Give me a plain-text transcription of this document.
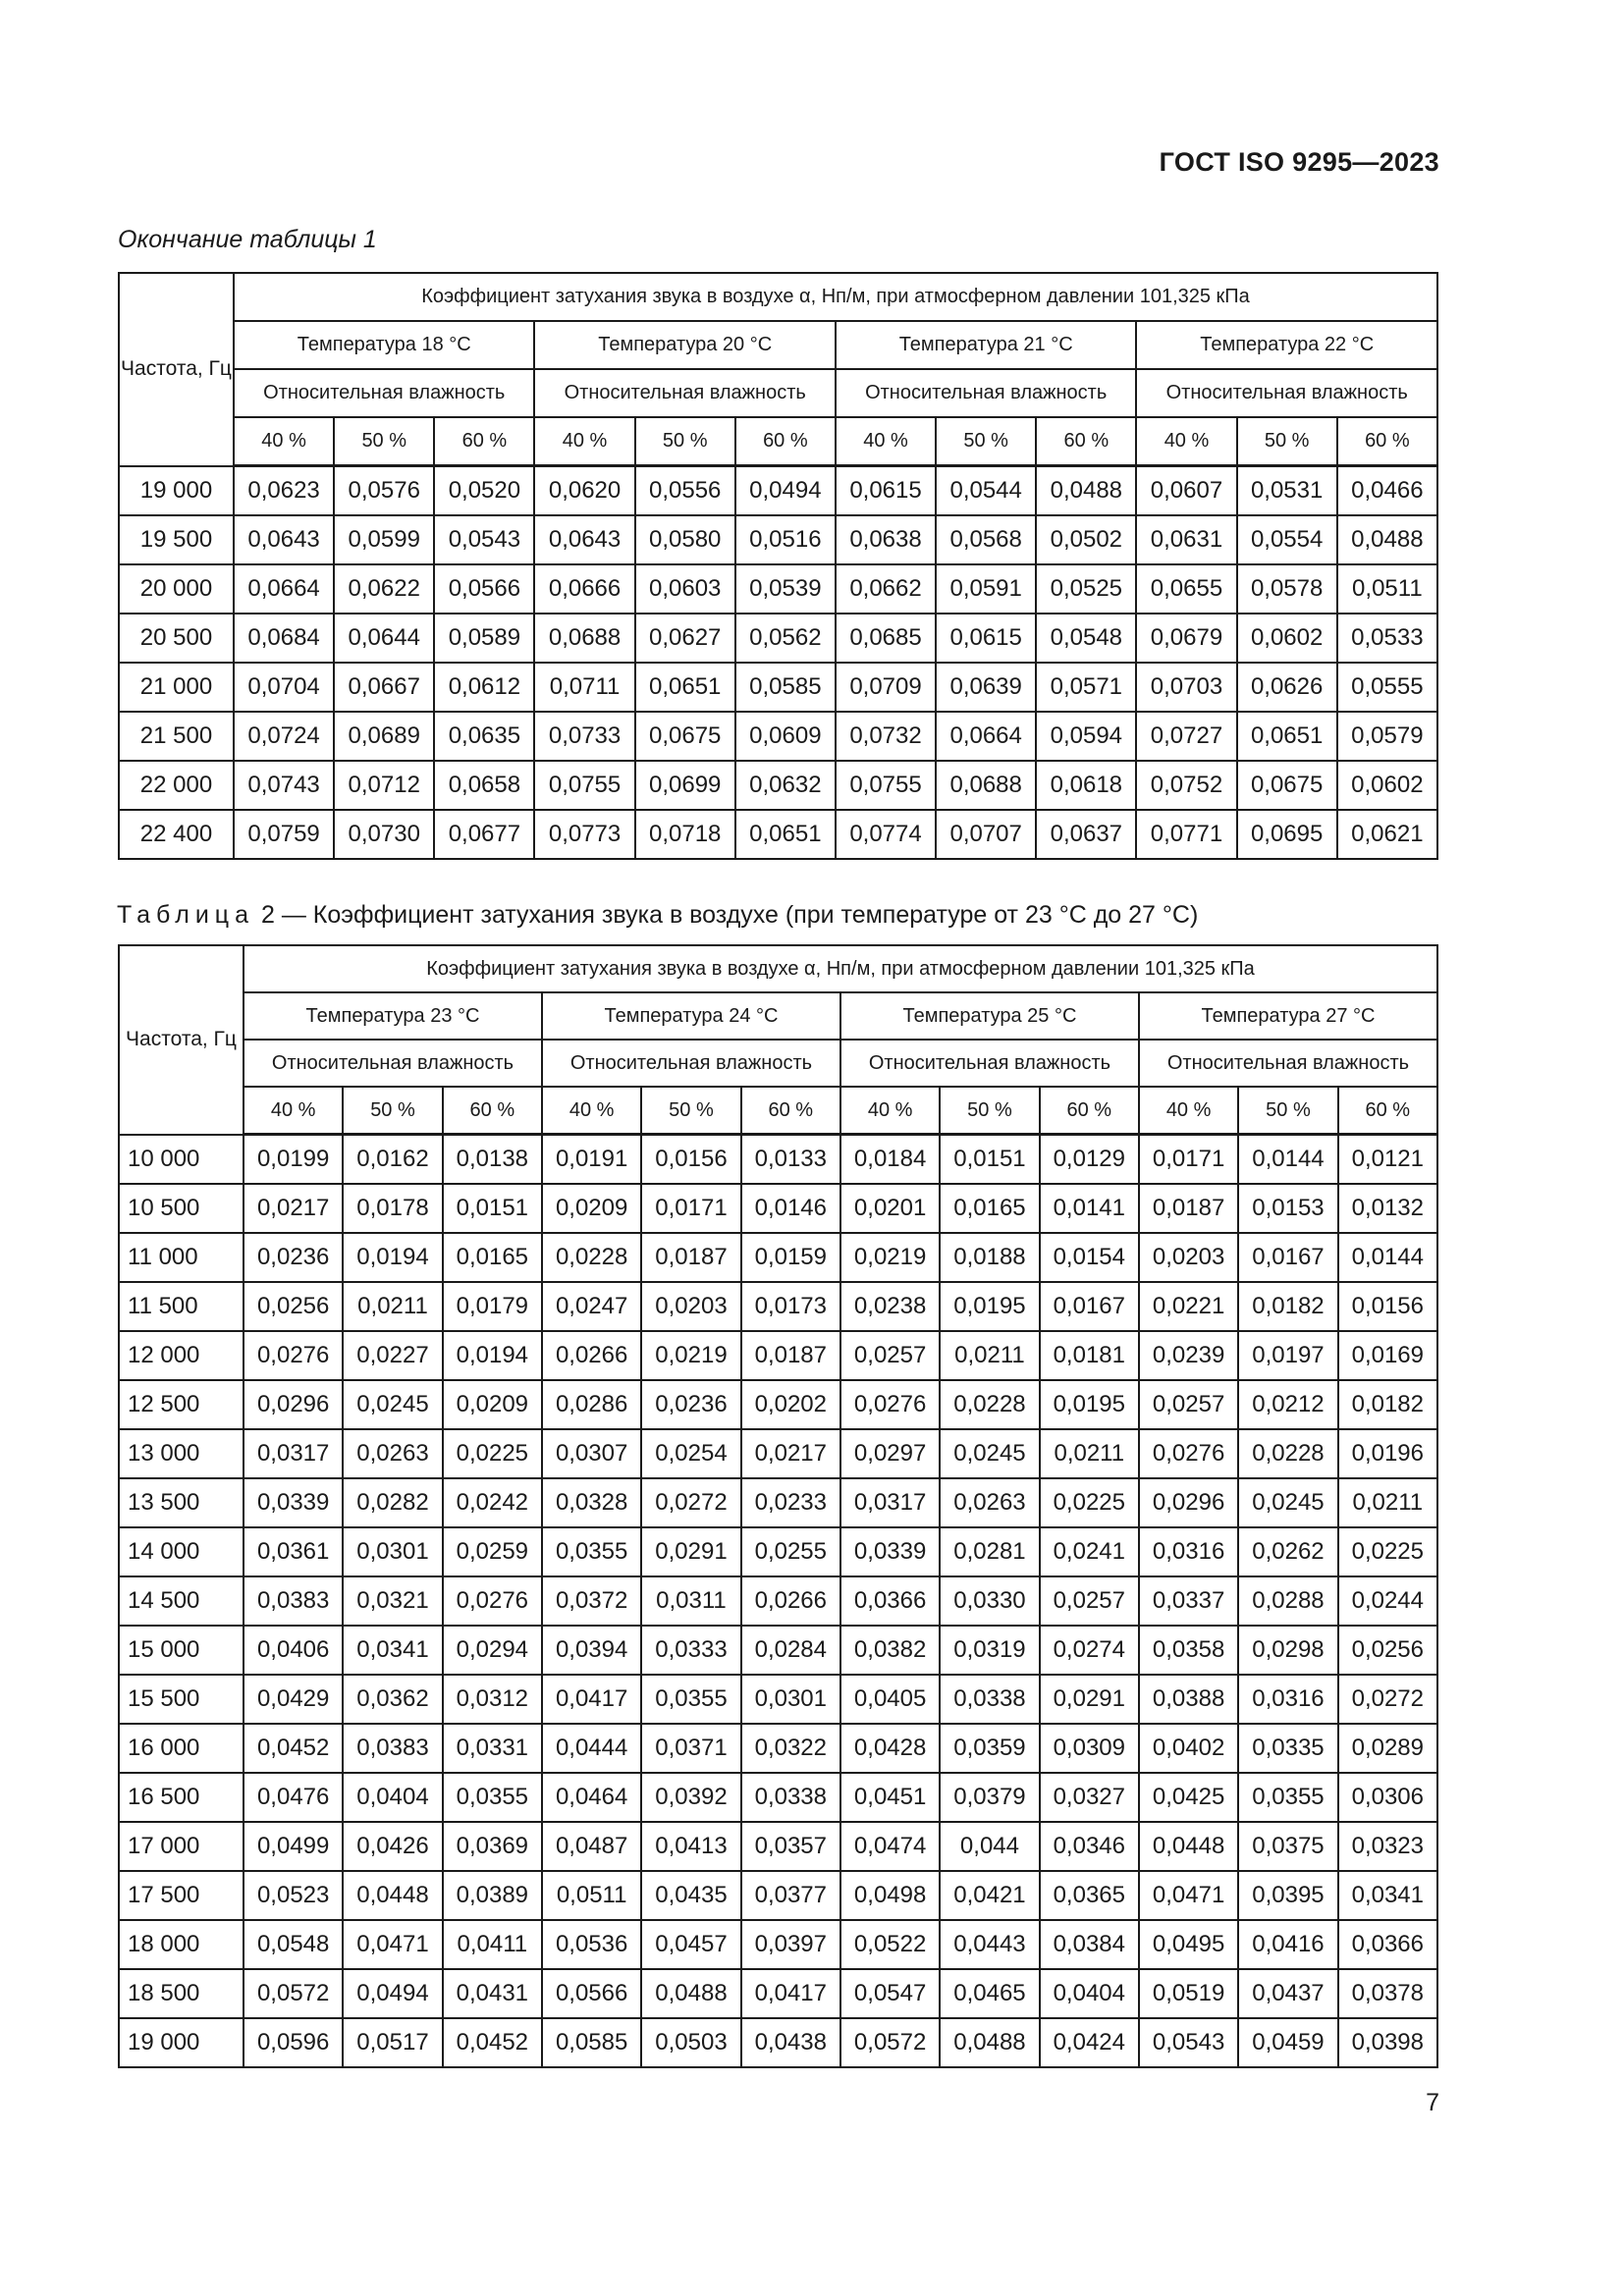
ГОСТ ISO 9295—2023
Окончание таблицы 1
Частота, Гц	Коэффициент затухания звука в воздухе α, Нп/м, при атмосферном давлении 101,325 кПа											
	Температура 18 °С			Температура 20 °С			Температура 21 °С			Температура 22 °С		
	Относительная влажность			Относительная влажность			Относительная влажность			Относительная влажность		
	40 %	50 %	60 %	40 %	50 %	60 %	40 %	50 %	60 %	40 %	50 %	60 %
19 000	0,0623	0,0576	0,0520	0,0620	0,0556	0,0494	0,0615	0,0544	0,0488	0,0607	0,0531	0,0466
19 500	0,0643	0,0599	0,0543	0,0643	0,0580	0,0516	0,0638	0,0568	0,0502	0,0631	0,0554	0,0488
20 000	0,0664	0,0622	0,0566	0,0666	0,0603	0,0539	0,0662	0,0591	0,0525	0,0655	0,0578	0,0511
20 500	0,0684	0,0644	0,0589	0,0688	0,0627	0,0562	0,0685	0,0615	0,0548	0,0679	0,0602	0,0533
21 000	0,0704	0,0667	0,0612	0,0711	0,0651	0,0585	0,0709	0,0639	0,0571	0,0703	0,0626	0,0555
21 500	0,0724	0,0689	0,0635	0,0733	0,0675	0,0609	0,0732	0,0664	0,0594	0,0727	0,0651	0,0579
22 000	0,0743	0,0712	0,0658	0,0755	0,0699	0,0632	0,0755	0,0688	0,0618	0,0752	0,0675	0,0602
22 400	0,0759	0,0730	0,0677	0,0773	0,0718	0,0651	0,0774	0,0707	0,0637	0,0771	0,0695	0,0621
Таблица 2 — Коэффициент затухания звука в воздухе (при температуре от 23 °С до 27 °С)
Частота, Гц	Коэффициент затухания звука в воздухе α, Нп/м, при атмосферном давлении 101,325 кПа											
	Температура 23 °С			Температура 24 °С			Температура 25 °С			Температура 27 °С		
	Относительная влажность			Относительная влажность			Относительная влажность			Относительная влажность		
	40 %	50 %	60 %	40 %	50 %	60 %	40 %	50 %	60 %	40 %	50 %	60 %
10 000	0,0199	0,0162	0,0138	0,0191	0,0156	0,0133	0,0184	0,0151	0,0129	0,0171	0,0144	0,0121
10 500	0,0217	0,0178	0,0151	0,0209	0,0171	0,0146	0,0201	0,0165	0,0141	0,0187	0,0153	0,0132
11 000	0,0236	0,0194	0,0165	0,0228	0,0187	0,0159	0,0219	0,0188	0,0154	0,0203	0,0167	0,0144
11 500	0,0256	0,0211	0,0179	0,0247	0,0203	0,0173	0,0238	0,0195	0,0167	0,0221	0,0182	0,0156
12 000	0,0276	0,0227	0,0194	0,0266	0,0219	0,0187	0,0257	0,0211	0,0181	0,0239	0,0197	0,0169
12 500	0,0296	0,0245	0,0209	0,0286	0,0236	0,0202	0,0276	0,0228	0,0195	0,0257	0,0212	0,0182
13 000	0,0317	0,0263	0,0225	0,0307	0,0254	0,0217	0,0297	0,0245	0,0211	0,0276	0,0228	0,0196
13 500	0,0339	0,0282	0,0242	0,0328	0,0272	0,0233	0,0317	0,0263	0,0225	0,0296	0,0245	0,0211
14 000	0,0361	0,0301	0,0259	0,0355	0,0291	0,0255	0,0339	0,0281	0,0241	0,0316	0,0262	0,0225
14 500	0,0383	0,0321	0,0276	0,0372	0,0311	0,0266	0,0366	0,0330	0,0257	0,0337	0,0288	0,0244
15 000	0,0406	0,0341	0,0294	0,0394	0,0333	0,0284	0,0382	0,0319	0,0274	0,0358	0,0298	0,0256
15 500	0,0429	0,0362	0,0312	0,0417	0,0355	0,0301	0,0405	0,0338	0,0291	0,0388	0,0316	0,0272
16 000	0,0452	0,0383	0,0331	0,0444	0,0371	0,0322	0,0428	0,0359	0,0309	0,0402	0,0335	0,0289
16 500	0,0476	0,0404	0,0355	0,0464	0,0392	0,0338	0,0451	0,0379	0,0327	0,0425	0,0355	0,0306
17 000	0,0499	0,0426	0,0369	0,0487	0,0413	0,0357	0,0474	0,044	0,0346	0,0448	0,0375	0,0323
17 500	0,0523	0,0448	0,0389	0,0511	0,0435	0,0377	0,0498	0,0421	0,0365	0,0471	0,0395	0,0341
18 000	0,0548	0,0471	0,0411	0,0536	0,0457	0,0397	0,0522	0,0443	0,0384	0,0495	0,0416	0,0366
18 500	0,0572	0,0494	0,0431	0,0566	0,0488	0,0417	0,0547	0,0465	0,0404	0,0519	0,0437	0,0378
19 000	0,0596	0,0517	0,0452	0,0585	0,0503	0,0438	0,0572	0,0488	0,0424	0,0543	0,0459	0,0398
7
